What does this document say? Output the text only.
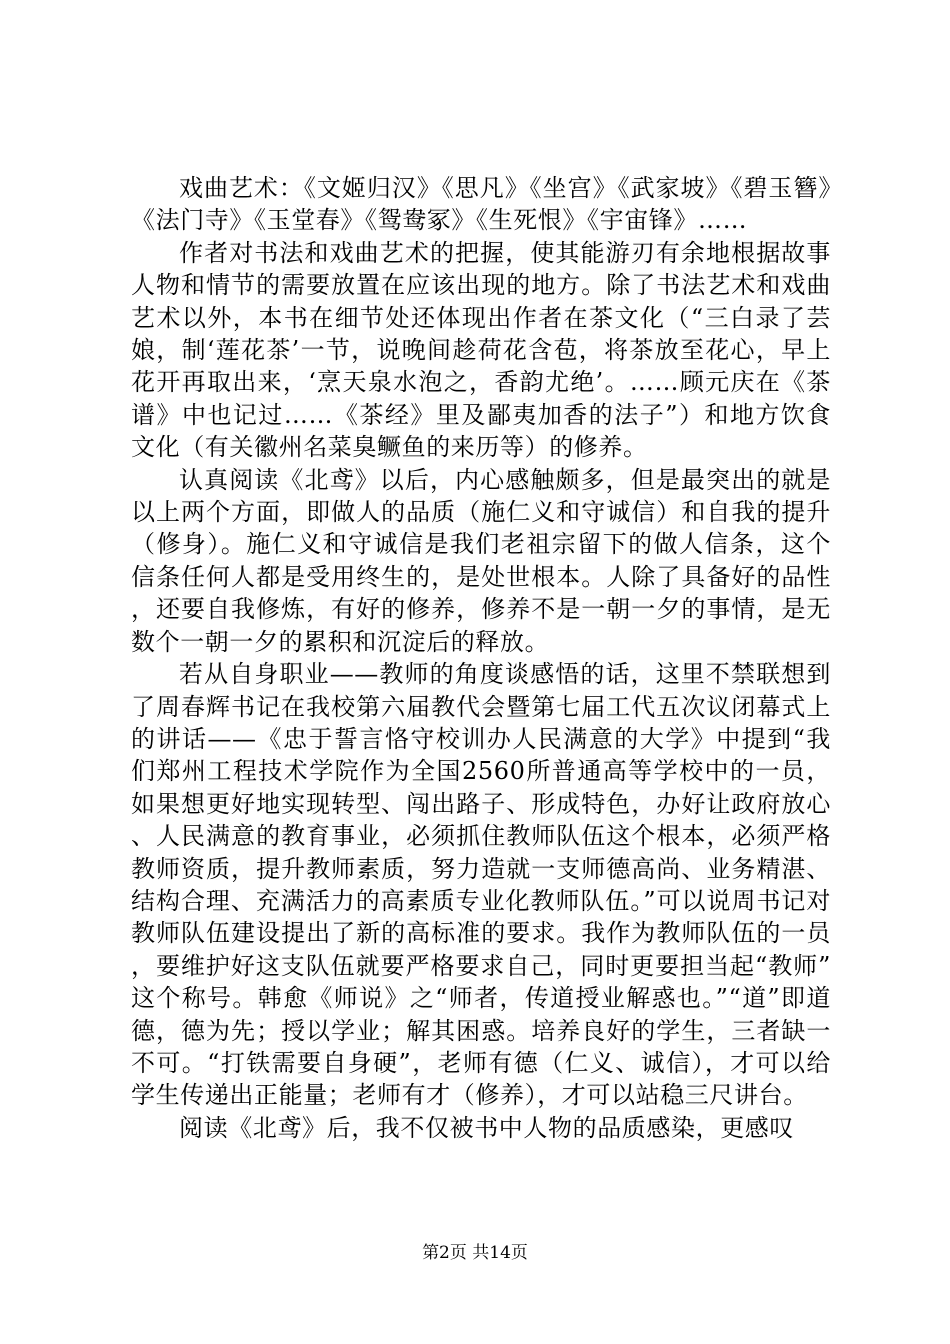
戏曲艺术：《文姬归汉》《思凡》《坐宫》《武家坡》《碧玉簪》《法门寺》《玉堂春》《鸳鸯冢》《生死恨》《宇宙锋》……

作者对书法和戏曲艺术的把握，使其能游刃有余地根据故事人物和情节的需要放置在应该出现的地方。除了书法艺术和戏曲艺术以外，本书在细节处还体现出作者在茶文化（“三白录了芸娘，制‘莲花茶’一节，说晚间趁荷花含苞，将茶放至花心，早上花开再取出来，‘烹天泉水泡之，香韵尤绝’。……顾元庆在《茶谱》中也记过……《茶经》里及鄙夷加香的法子”）和地方饮食文化（有关徽州名菜臭鳜鱼的来历等）的修养。

认真阅读《北鸢》以后，内心感触颇多，但是最突出的就是以上两个方面，即做人的品质（施仁义和守诚信）和自我的提升（修身）。施仁义和守诚信是我们老祖宗留下的做人信条，这个信条任何人都是受用终生的，是处世根本。人除了具备好的品性，还要自我修炼，有好的修养，修养不是一朝一夕的事情，是无数个一朝一夕的累积和沉淀后的释放。

若从自身职业——教师的角度谈感悟的话，这里不禁联想到了周春辉书记在我校第六届教代会暨第七届工代五次议闭幕式上的讲话——《忠于誓言恪守校训办人民满意的大学》中提到“我们郑州工程技术学院作为全国2560所普通高等学校中的一员，如果想更好地实现转型、闯出路子、形成特色，办好让政府放心、人民满意的教育事业，必须抓住教师队伍这个根本，必须严格教师资质，提升教师素质，努力造就一支师德高尚、业务精湛、结构合理、充满活力的高素质专业化教师队伍。”可以说周书记对教师队伍建设提出了新的高标准的要求。我作为教师队伍的一员，要维护好这支队伍就要严格要求自己，同时更要担当起“教师”这个称号。韩愈《师说》之“师者，传道授业解惑也。”“道”即道德，德为先；授以学业；解其困惑。培养良好的学生，三者缺一不可。“打铁需要自身硬”，老师有德（仁义、诚信），才可以给学生传递出正能量；老师有才（修养），才可以站稳三尺讲台。

阅读《北鸢》后，我不仅被书中人物的品质感染，更感叹

第2页 共14页
